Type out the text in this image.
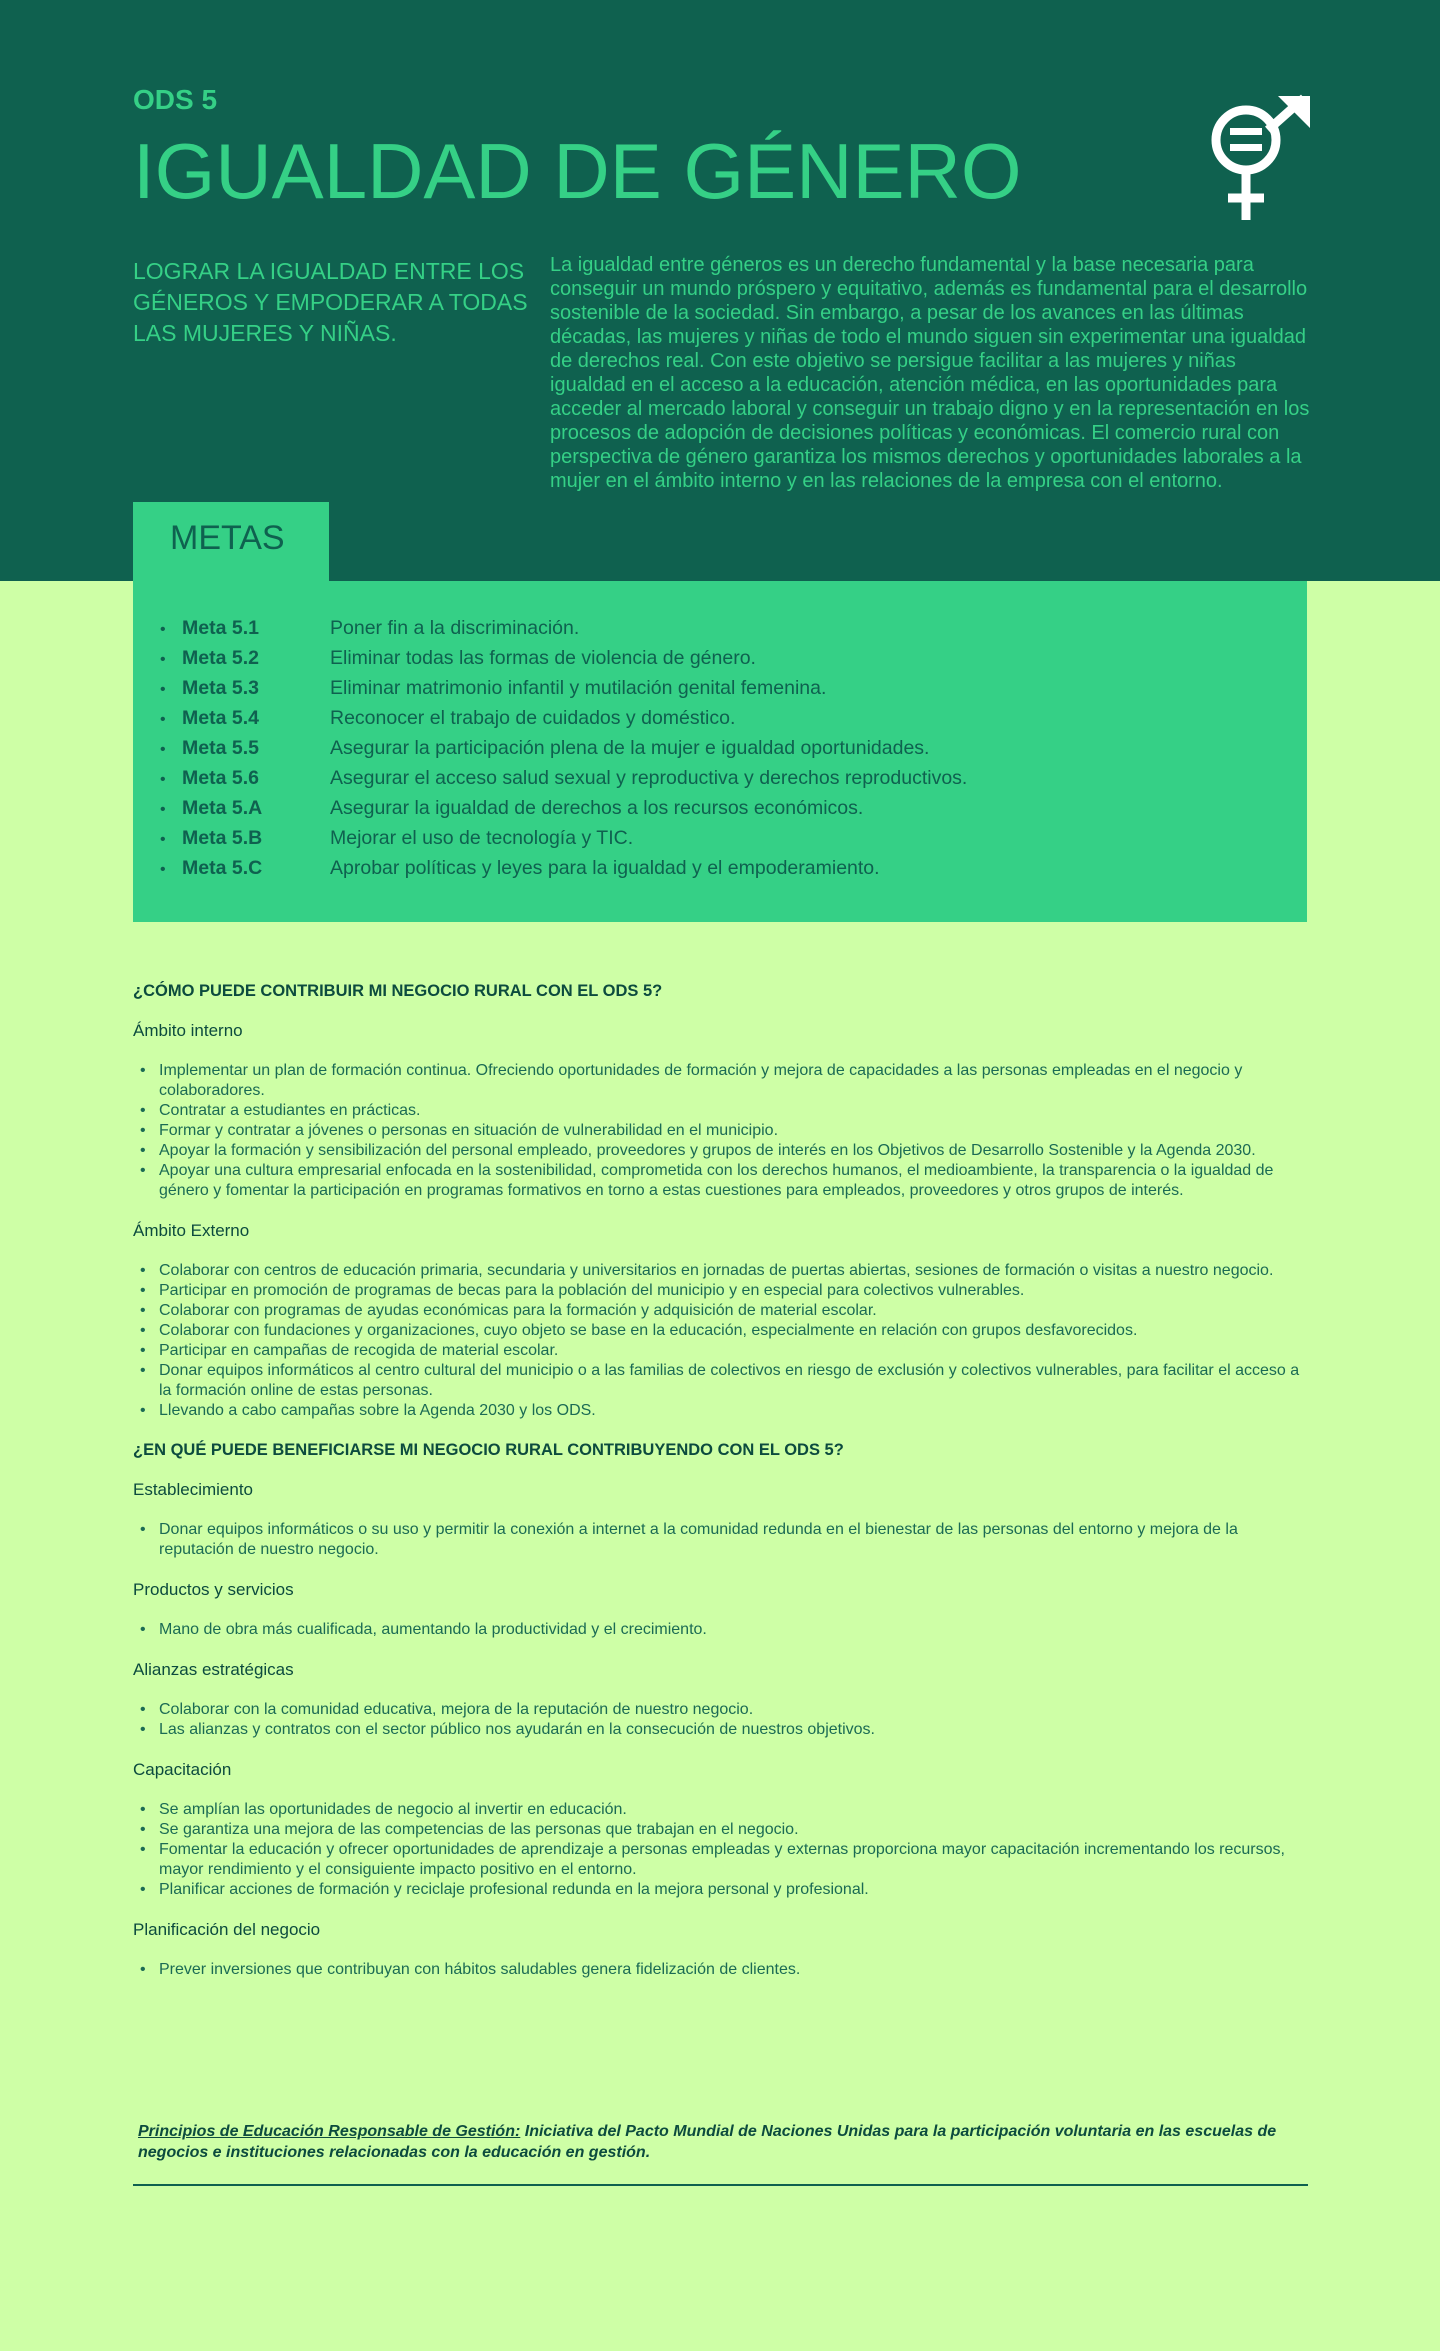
ODS 5

IGUALDAD DE GÉNERO
LOGRAR LA IGUALDAD ENTRE LOS GÉNEROS Y EMPODERAR A TODAS LAS MUJERES Y NIÑAS.
La igualdad entre géneros es un derecho fundamental y la base necesaria para conseguir un mundo próspero y equitativo, además es fundamental para el desarrollo sostenible de la sociedad. Sin embargo, a pesar de los avances en las últimas décadas, las mujeres y niñas de todo el mundo siguen sin experimentar una igualdad de derechos real. Con este objetivo se persigue facilitar a las mujeres y niñas igualdad en el acceso a la educación, atención médica, en las oportunidades para acceder al mercado laboral y conseguir un trabajo digno y en la representación en los procesos de adopción de decisiones políticas y económicas. El comercio rural con perspectiva de género garantiza los mismos derechos y oportunidades laborales a la mujer en el ámbito interno y en las relaciones de la empresa con el entorno.
METAS
• Meta 5.1	Poner fin a la discriminación.
• Meta 5.2	Eliminar todas las formas de violencia de género.
• Meta 5.3	Eliminar matrimonio infantil y mutilación genital femenina.
• Meta 5.4	Reconocer el trabajo de cuidados y doméstico.
• Meta 5.5	Asegurar la participación plena de la mujer e igualdad oportunidades.
• Meta 5.6	Asegurar el acceso salud sexual y reproductiva y derechos reproductivos.
• Meta 5.A	Asegurar la igualdad de derechos a los recursos económicos.
• Meta 5.B	Mejorar el uso de tecnología y TIC.
• Meta 5.C	Aprobar políticas y leyes para la igualdad y el empoderamiento.

¿CÓMO PUEDE CONTRIBUIR MI NEGOCIO RURAL CON EL ODS 5?

Ámbito interno

• Implementar un plan de formación continua. Ofreciendo oportunidades de formación y mejora de capacidades a las personas empleadas en el negocio y colaboradores.
• Contratar a estudiantes en prácticas.
• Formar y contratar a jóvenes o personas en situación de vulnerabilidad en el municipio.
• Apoyar la formación y sensibilización del personal empleado, proveedores y grupos de interés en los Objetivos de Desarrollo Sostenible y la Agenda 2030.
• Apoyar una cultura empresarial enfocada en la sostenibilidad, comprometida con los derechos humanos, el medioambiente, la transparencia o la igualdad de género y fomentar la participación en programas formativos en torno a estas cuestiones para empleados, proveedores y otros grupos de interés.

Ámbito Externo

• Colaborar con centros de educación primaria, secundaria y universitarios en jornadas de puertas abiertas, sesiones de formación o visitas a nuestro negocio.
• Participar en promoción de programas de becas para la población del municipio y en especial para colectivos vulnerables.
• Colaborar con programas de ayudas económicas para la formación y adquisición de material escolar.
• Colaborar con fundaciones y organizaciones, cuyo objeto se base en la educación, especialmente en relación con grupos desfavorecidos.
• Participar en campañas de recogida de material escolar.
• Donar equipos informáticos al centro cultural del municipio o a las familias de colectivos en riesgo de exclusión y colectivos vulnerables, para facilitar el acceso a la formación online de estas personas.
• Llevando a cabo campañas sobre la Agenda 2030 y los ODS.

¿EN QUÉ PUEDE BENEFICIARSE MI NEGOCIO RURAL CONTRIBUYENDO CON EL ODS 5?

Establecimiento

• Donar equipos informáticos o su uso y permitir la conexión a internet a la comunidad redunda en el bienestar de las personas del entorno y mejora de la reputación de nuestro negocio.

Productos y servicios

• Mano de obra más cualificada, aumentando la productividad y el crecimiento.

Alianzas estratégicas

• Colaborar con la comunidad educativa, mejora de la reputación de nuestro negocio.
• Las alianzas y contratos con el sector público nos ayudarán en la consecución de nuestros objetivos.

Capacitación

• Se amplían las oportunidades de negocio al invertir en educación.
• Se garantiza una mejora de las competencias de las personas que trabajan en el negocio.
• Fomentar la educación y ofrecer oportunidades de aprendizaje a personas empleadas y externas proporciona mayor capacitación incrementando los recursos, mayor rendimiento y el consiguiente impacto positivo en el entorno.
• Planificar acciones de formación y reciclaje profesional redunda en la mejora personal y profesional.

Planificación del negocio

• Prever inversiones que contribuyan con hábitos saludables genera fidelización de clientes.
Principios de Educación Responsable de Gestión: Iniciativa del Pacto Mundial de Naciones Unidas para la participación voluntaria en las escuelas de negocios e instituciones relacionadas con la educación en gestión.
